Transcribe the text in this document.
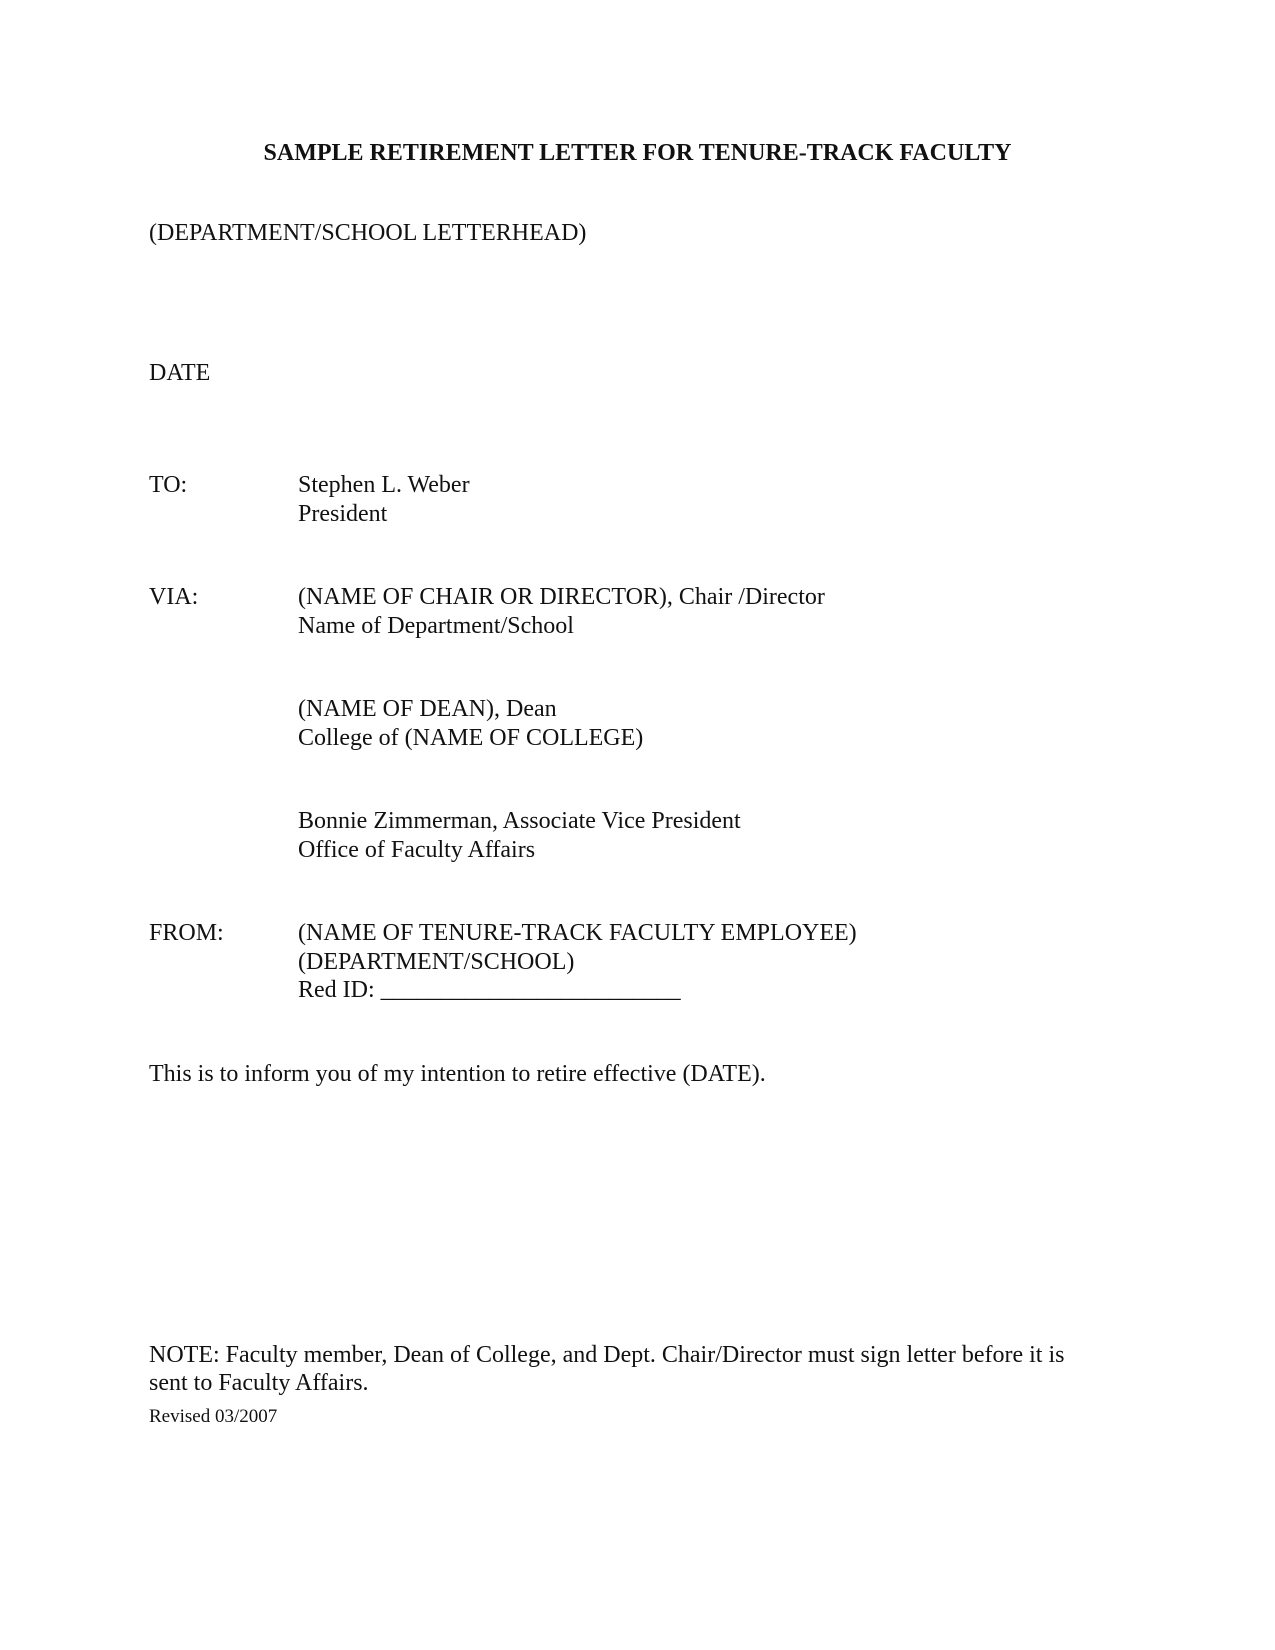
SAMPLE RETIREMENT LETTER FOR TENURE-TRACK FACULTY
(DEPARTMENT/SCHOOL LETTERHEAD)
DATE
TO:	Stephen L. Weber
President
VIA:	(NAME OF CHAIR OR DIRECTOR), Chair /Director
Name of Department/School
(NAME OF DEAN), Dean
College of (NAME OF COLLEGE)
Bonnie Zimmerman, Associate Vice President
Office of Faculty Affairs
FROM:	(NAME OF TENURE-TRACK FACULTY EMPLOYEE)
(DEPARTMENT/SCHOOL)
Red ID: _________________________
This is to inform you of my intention to retire effective (DATE).
NOTE: Faculty member, Dean of College, and Dept. Chair/Director must sign letter before it is
sent to Faculty Affairs.
Revised 03/2007
